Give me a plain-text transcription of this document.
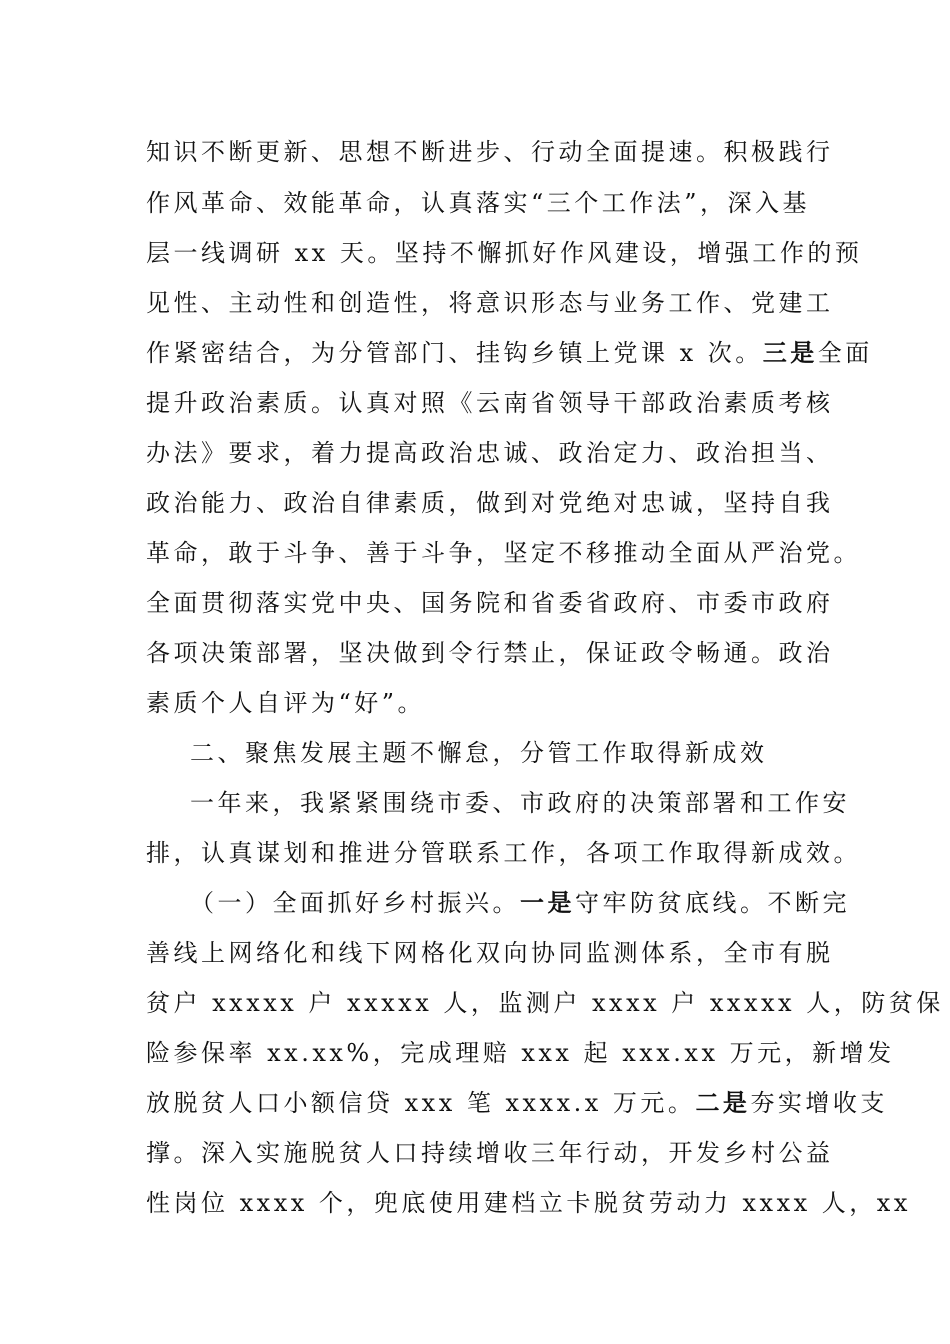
知识不断更新、思想不断进步、行动全面提速。积极践行
作风革命、效能革命，认真落实“三个工作法”，深入基
层一线调研 xx 天。坚持不懈抓好作风建设，增强工作的预
见性、主动性和创造性，将意识形态与业务工作、党建工
作紧密结合，为分管部门、挂钩乡镇上党课 x 次。三是全面
提升政治素质。认真对照《云南省领导干部政治素质考核
办法》要求，着力提高政治忠诚、政治定力、政治担当、
政治能力、政治自律素质，做到对党绝对忠诚，坚持自我
革命，敢于斗争、善于斗争，坚定不移推动全面从严治党。
全面贯彻落实党中央、国务院和省委省政府、市委市政府
各项决策部署，坚决做到令行禁止，保证政令畅通。政治
素质个人自评为“好”。
二、聚焦发展主题不懈怠，分管工作取得新成效
一年来，我紧紧围绕市委、市政府的决策部署和工作安
排，认真谋划和推进分管联系工作，各项工作取得新成效。
（一）全面抓好乡村振兴。一是守牢防贫底线。不断完
善线上网络化和线下网格化双向协同监测体系，全市有脱
贫户 xxxxx 户 xxxxx 人，监测户 xxxx 户 xxxxx 人，防贫保
险参保率 xx.xx%，完成理赔 xxx 起 xxx.xx 万元，新增发
放脱贫人口小额信贷 xxx 笔 xxxx.x 万元。二是夯实增收支
撑。深入实施脱贫人口持续增收三年行动，开发乡村公益
性岗位 xxxx 个，兜底使用建档立卡脱贫劳动力 xxxx 人，xx
